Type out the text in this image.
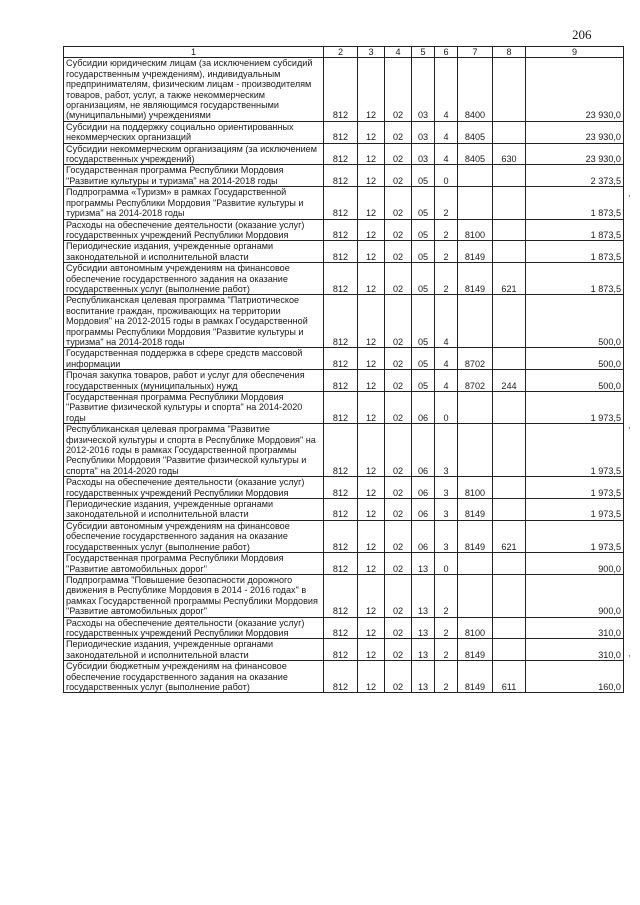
206
1	2	3	4	5	6	7	8	9
Субсидии юридическим лицам (за исключением субсидий государственным учреждениям), индивидуальным предпринимателям, физическим лицам - производителям товаров, работ, услуг, а также некоммерческим организациям, не являющимся государственными (муниципальными) учреждениями	812	12	02	03	4	8400		23 930,0
Субсидии на поддержку социально ориентированных некоммерческих организаций	812	12	02	03	4	8405		23 930,0
Субсидии некоммерческим организациям (за исключением государственных учреждений)	812	12	02	03	4	8405	630	23 930,0
Государственная программа Республики Мордовия "Развитие культуры и туризма" на 2014-2018 годы	812	12	02	05	0			2 373,5
Подпрограмма «Туризм» в рамках Государственной программы Республики Мордовия "Развитие культуры и туризма" на 2014-2018 годы	812	12	02	05	2			1 873,5
Расходы на обеспечение деятельности (оказание услуг) государственных учреждений Республики Мордовия	812	12	02	05	2	8100		1 873,5
Периодические издания, учрежденные органами законодательной и исполнительной власти	812	12	02	05	2	8149		1 873,5
Субсидии автономным учреждениям на финансовое обеспечение государственного задания на оказание государственных услуг (выполнение работ)	812	12	02	05	2	8149	621	1 873,5
Республиканская целевая программа "Патриотическое воспитание граждан, проживающих на территории Мордовия" на 2012-2015 годы в рамках Государственной программы Республики Мордовия "Развитие культуры и туризма" на 2014-2018 годы	812	12	02	05	4			500,0
Государственная поддержка в сфере средств массовой информации	812	12	02	05	4	8702		500,0
Прочая закупка товаров, работ и услуг для обеспечения государственных (муниципальных) нужд	812	12	02	05	4	8702	244	500,0
Государственная программа Республики Мордовия "Развитие физической культуры и спорта" на 2014-2020 годы	812	12	02	06	0			1 973,5
Республиканская целевая программа "Развитие физической культуры и спорта в Республике Мордовия" на 2012-2016 годы в рамках Государственной программы Республики Мордовия "Развитие физической культуры и спорта" на 2014-2020 годы	812	12	02	06	3			1 973,5
Расходы на обеспечение деятельности (оказание услуг) государственных учреждений Республики Мордовия	812	12	02	06	3	8100		1 973,5
Периодические издания, учрежденные органами законодательной и исполнительной власти	812	12	02	06	3	8149		1 973,5
Субсидии автономным учреждениям на финансовое обеспечение государственного задания на оказание государственных услуг (выполнение работ)	812	12	02	06	3	8149	621	1 973,5
Государственная программа Республики Мордовия "Развитие автомобильных дорог"	812	12	02	13	0			900,0
Подпрограмма "Повышение безопасности дорожного движения в Республике Мордовия в 2014 - 2016 годах" в рамках Государственной программы Республики Мордовия "Развитие автомобильных дорог"	812	12	02	13	2			900,0
Расходы на обеспечение деятельности (оказание услуг) государственных учреждений Республики Мордовия	812	12	02	13	2	8100		310,0
Периодические издания, учрежденные органами законодательной и исполнительной власти	812	12	02	13	2	8149		310,0
Субсидии бюджетным учреждениям на финансовое обеспечение государственного задания на оказание государственных услуг (выполнение работ)	812	12	02	13	2	8149	611	160,0
,
,
,
